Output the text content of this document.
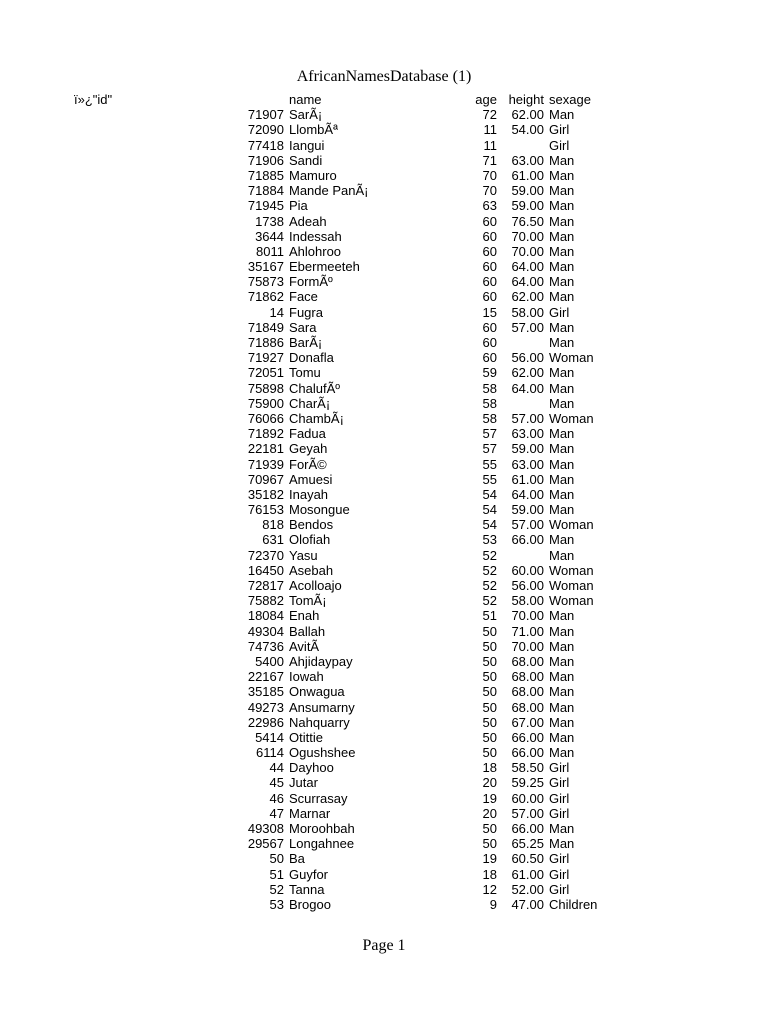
AfricanNamesDatabase (1)
ï»¿"id"	name	age height sexage
71907 SarÃ¡	72 62.00 Man
72090 LlombÃª	11 54.00 Girl
77418 Iangui	11	Girl
71906 Sandi	71 63.00 Man
71885 Mamuro	70 61.00 Man
71884 Mande PanÃ¡	70 59.00 Man
71945 Pia	63 59.00 Man
1738 Adeah	60 76.50 Man
3644 Indessah	60 70.00 Man
8011 Ahlohroo	60 70.00 Man
35167 Ebermeeteh	60 64.00 Man
75873 FormÃº	60 64.00 Man
71862 Face	60 62.00 Man
14 Fugra	15 58.00 Girl
71849 Sara	60 57.00 Man
71886 BarÃ¡	60	Man
71927 Donafla	60 56.00 Woman
72051 Tomu	59 62.00 Man
75898 ChalufÃº	58 64.00 Man
75900 CharÃ¡	58	Man
76066 ChambÃ¡	58 57.00 Woman
71892 Fadua	57 63.00 Man
22181 Geyah	57 59.00 Man
71939 ForÃ©	55 63.00 Man
70967 Amuesi	55 61.00 Man
35182 Inayah	54 64.00 Man
76153 Mosongue	54 59.00 Man
818 Bendos	54 57.00 Woman
631 Olofiah	53 66.00 Man
72370 Yasu	52	Man
16450 Asebah	52 60.00 Woman
72817 Acolloajo	52 56.00 Woman
75882 TomÃ¡	52 58.00 Woman
18084 Enah	51 70.00 Man
49304 Ballah	50 71.00 Man
74736 AvitÃ	50 70.00 Man
5400 Ahjidaypay	50 68.00 Man
22167 Iowah	50 68.00 Man
35185 Onwagua	50 68.00 Man
49273 Ansumarny	50 68.00 Man
22986 Nahquarry	50 67.00 Man
5414 Otittie	50 66.00 Man
6114 Ogushshee	50 66.00 Man
44 Dayhoo	18 58.50 Girl
45 Jutar	20 59.25 Girl
46 Scurrasay	19 60.00 Girl
47 Marnar	20 57.00 Girl
49308 Moroohbah	50 66.00 Man
29567 Longahnee	50 65.25 Man
50 Ba	19 60.50 Girl
51 Guyfor	18 61.00 Girl
52 Tanna	12 52.00 Girl
53 Brogoo	9 47.00 Children
Page 1
